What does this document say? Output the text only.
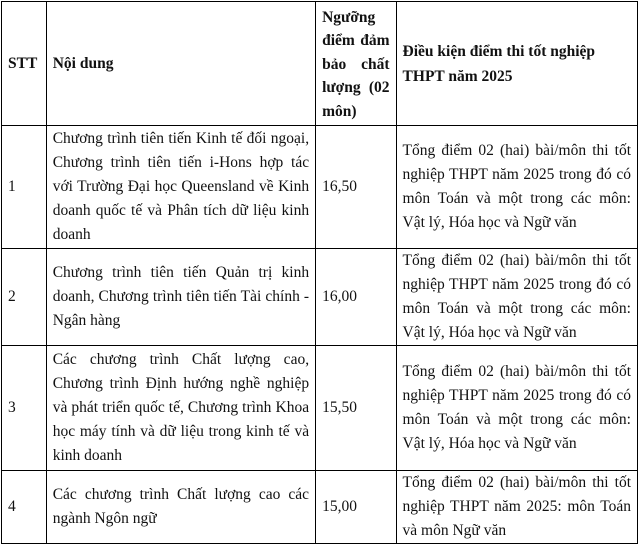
STT	Nội dung	Ngưỡng điểm đảm bảo chất lượng (02 môn)	Điều kiện điểm thi tốt nghiệp THPT năm 2025
1	Chương trình tiên tiến Kinh tế đối ngoại, Chương trình tiên tiến i-Hons hợp tác với Trường Đại học Queensland về Kinh doanh quốc tế và Phân tích dữ liệu kinh doanh	16,50	Tổng điểm 02 (hai) bài/môn thi tốt nghiệp THPT năm 2025 trong đó có môn Toán và một trong các môn: Vật lý, Hóa học và Ngữ văn
2	Chương trình tiên tiến Quản trị kinh doanh, Chương trình tiên tiến Tài chính - Ngân hàng	16,00	Tổng điểm 02 (hai) bài/môn thi tốt nghiệp THPT năm 2025 trong đó có môn Toán và một trong các môn: Vật lý, Hóa học và Ngữ văn
3	Các chương trình Chất lượng cao, Chương trình Định hướng nghề nghiệp và phát triển quốc tế, Chương trình Khoa học máy tính và dữ liệu trong kinh tế và kinh doanh	15,50	Tổng điểm 02 (hai) bài/môn thi tốt nghiệp THPT năm 2025 trong đó có môn Toán và một trong các môn: Vật lý, Hóa học và Ngữ văn
4	Các chương trình Chất lượng cao các ngành Ngôn ngữ	15,00	Tổng điểm 02 (hai) bài/môn thi tốt nghiệp THPT năm 2025: môn Toán và môn Ngữ văn
